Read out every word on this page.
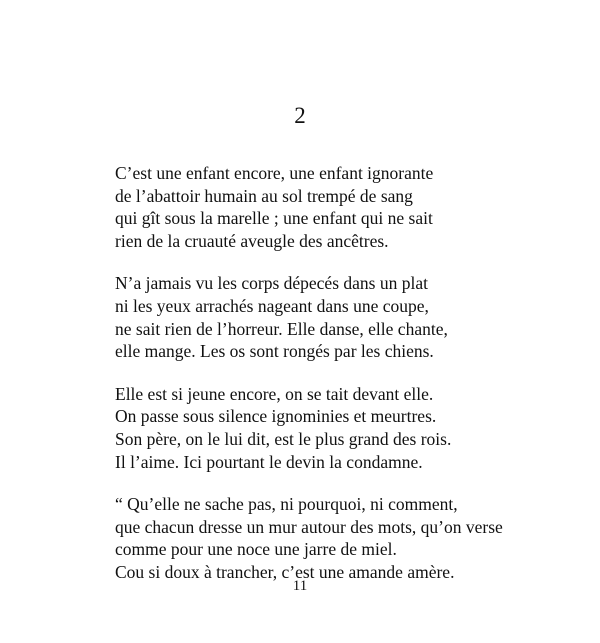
2
C’est une enfant encore, une enfant ignorante
de l’abattoir humain au sol trempé de sang
qui gît sous la marelle ; une enfant qui ne sait
rien de la cruauté aveugle des ancêtres.
N’a jamais vu les corps dépecés dans un plat
ni les yeux arrachés nageant dans une coupe,
ne sait rien de l’horreur. Elle danse, elle chante,
elle mange. Les os sont rongés par les chiens.
Elle est si jeune encore, on se tait devant elle.
On passe sous silence ignominies et meurtres.
Son père, on le lui dit, est le plus grand des rois.
Il l’aime. Ici pourtant le devin la condamne.
“ Qu’elle ne sache pas, ni pourquoi, ni comment,
que chacun dresse un mur autour des mots, qu’on verse
comme pour une noce une jarre de miel.
Cou si doux à trancher, c’est une amande amère.
11
